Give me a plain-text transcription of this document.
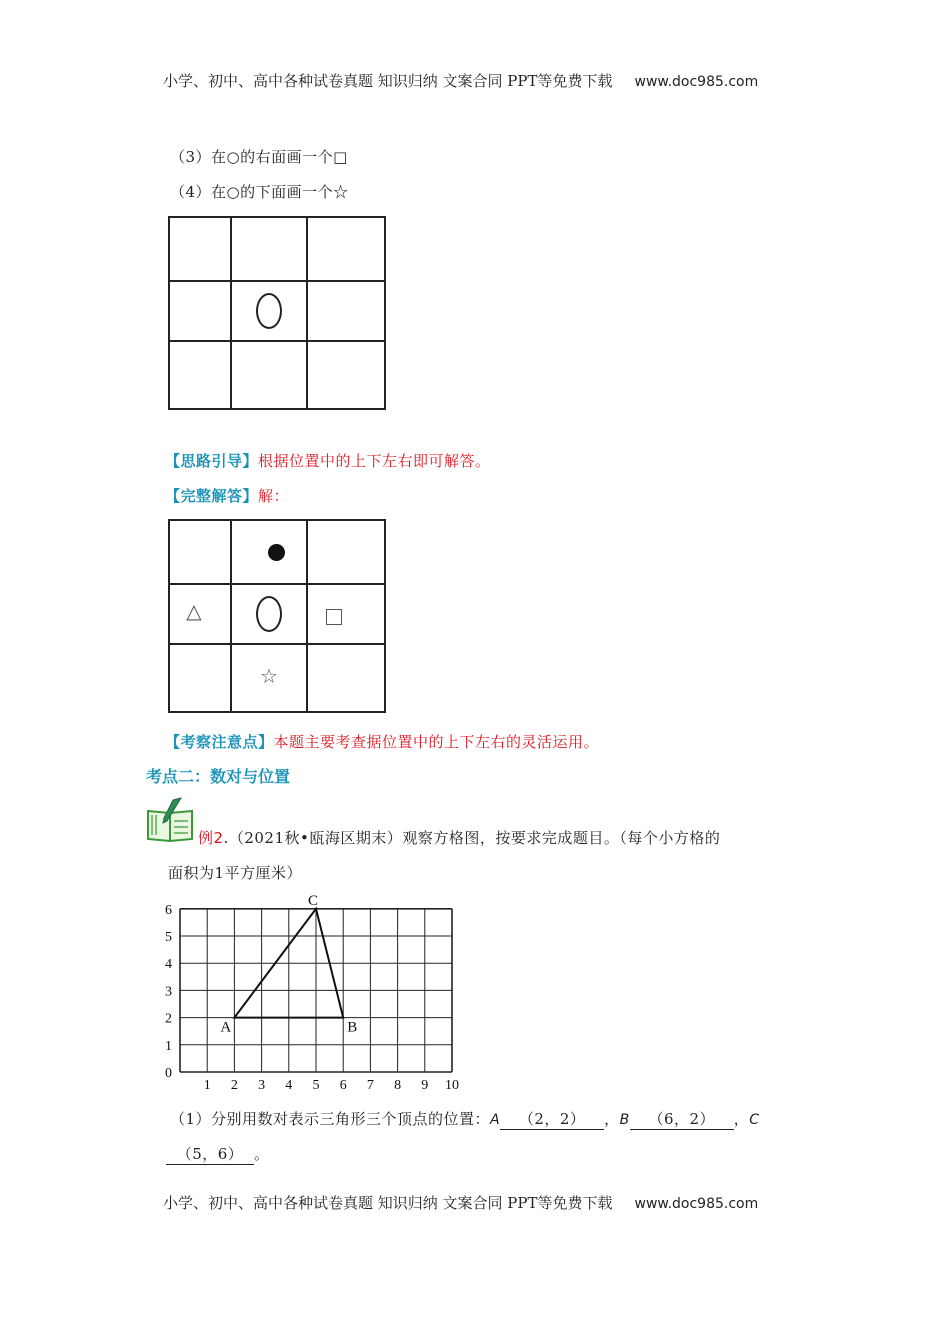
小学、初中、高中各种试卷真题 知识归纳 文案合同 PPT等免费下载 www.doc985.com
（3）在○的右面画一个□
（4）在○的下面画一个☆
【思路引导】根据位置中的上下左右即可解答。
【完整解答】解：
△
☆
【考察注意点】本题主要考查据位置中的上下左右的灵活运用。
考点二：数对与位置
例2.（2021秋•瓯海区期末）观察方格图，按要求完成题目。（每个小方格的
面积为1平方厘米）
1 2 3 4 5 6 7 8 9 10
0
1
2
3
4
5
6
A	B
C
（1）分别用数对表示三角形三个顶点的位置：A （2，2） ，B （6，2） ，C
（5，6） 。
小学、初中、高中各种试卷真题 知识归纳 文案合同 PPT等免费下载 www.doc985.com
